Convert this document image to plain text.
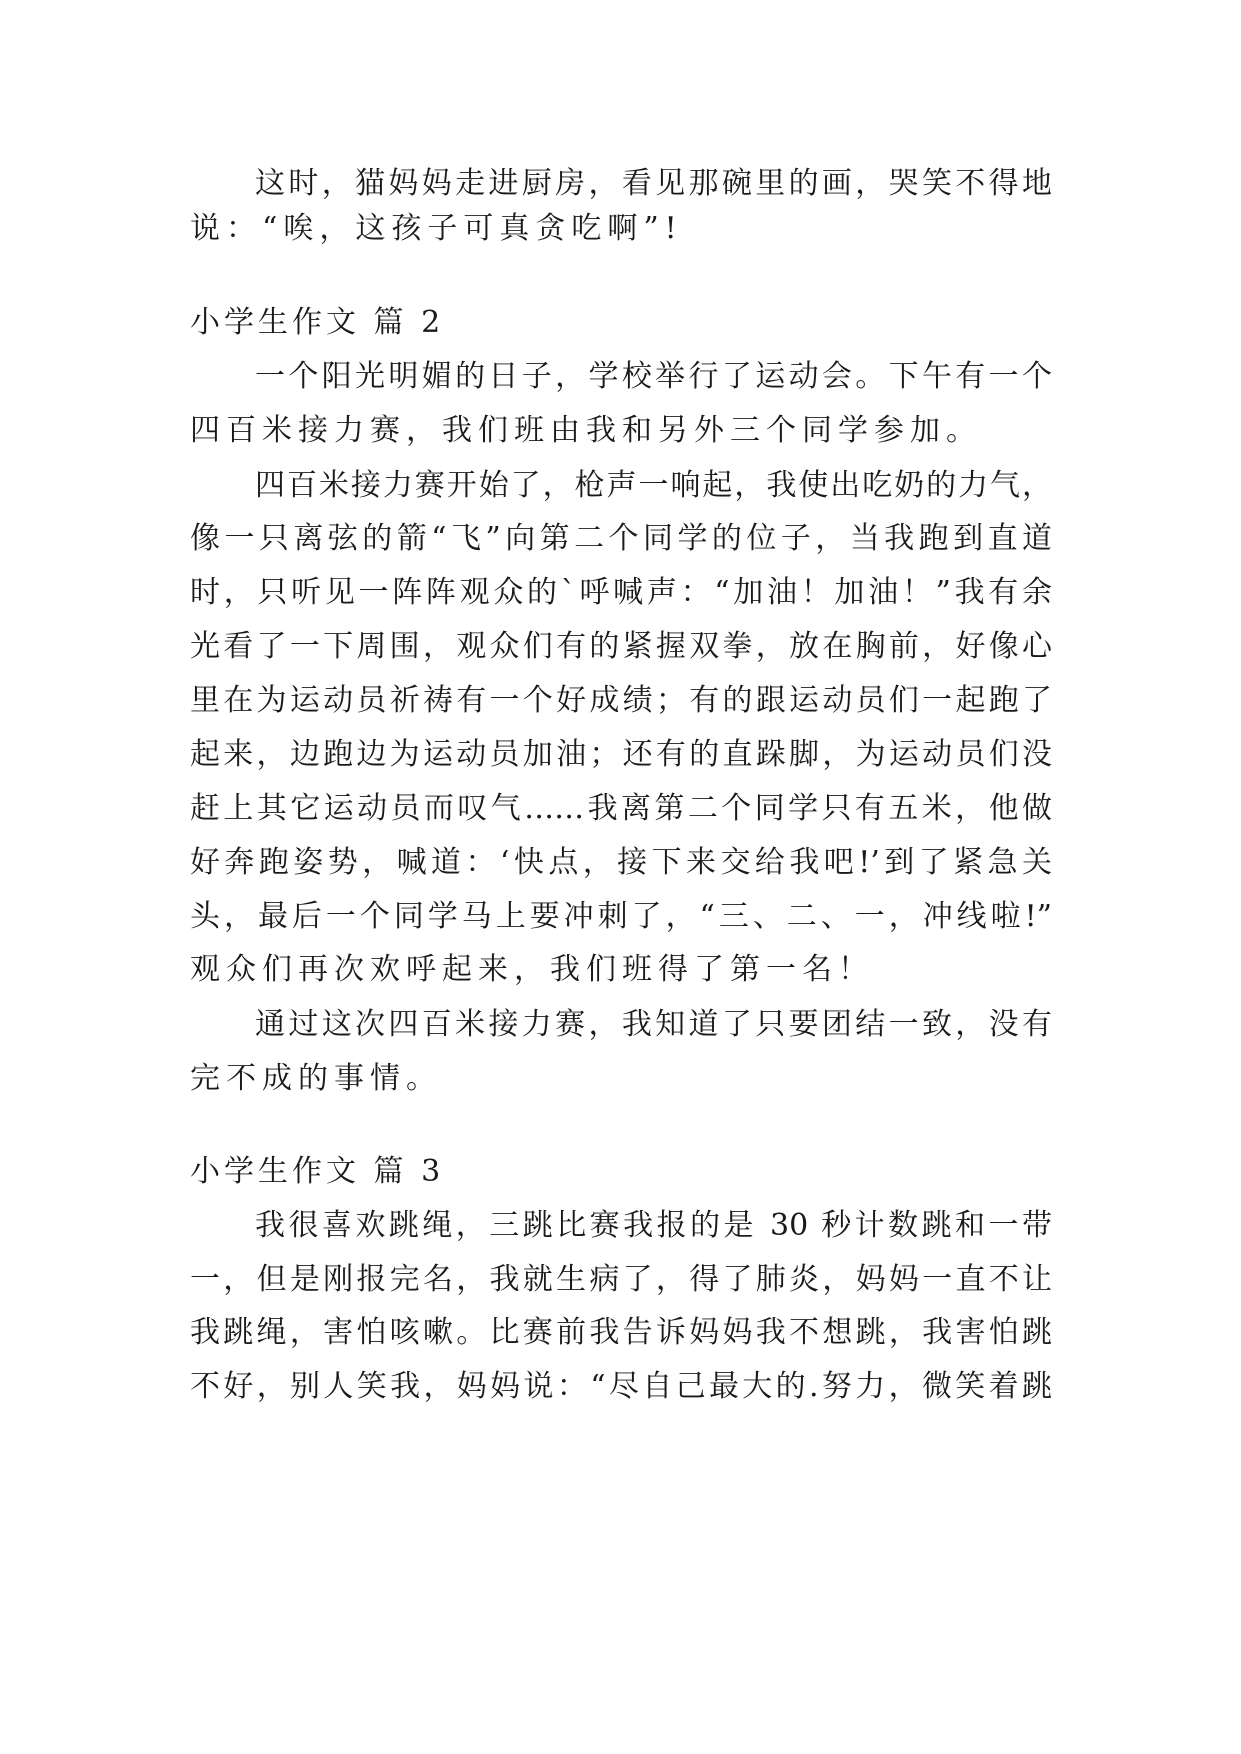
这时，猫妈妈走进厨房，看见那碗里的画，哭笑不得地
说：“唉，这孩子可真贪吃啊”!
小学生作文 篇 2
一个阳光明媚的日子，学校举行了运动会。下午有一个
四百米接力赛，我们班由我和另外三个同学参加。
四百米接力赛开始了，枪声一响起，我使出吃奶的力气，
像一只离弦的箭“飞”向第二个同学的位子，当我跑到直道
时，只听见一阵阵观众的`呼喊声：“加油！加油！”我有余
光看了一下周围，观众们有的紧握双拳，放在胸前，好像心
里在为运动员祈祷有一个好成绩；有的跟运动员们一起跑了
起来，边跑边为运动员加油；还有的直跺脚，为运动员们没
赶上其它运动员而叹气……我离第二个同学只有五米，他做
好奔跑姿势，喊道：‘快点，接下来交给我吧!’到了紧急关
头，最后一个同学马上要冲刺了，“三、二、一，冲线啦!”
观众们再次欢呼起来，我们班得了第一名！
通过这次四百米接力赛，我知道了只要团结一致，没有
完不成的事情。
小学生作文 篇 3
我很喜欢跳绳，三跳比赛我报的是 30 秒计数跳和一带
一，但是刚报完名，我就生病了，得了肺炎，妈妈一直不让
我跳绳，害怕咳嗽。比赛前我告诉妈妈我不想跳，我害怕跳
不好，别人笑我，妈妈说：“尽自己最大的.努力，微笑着跳
